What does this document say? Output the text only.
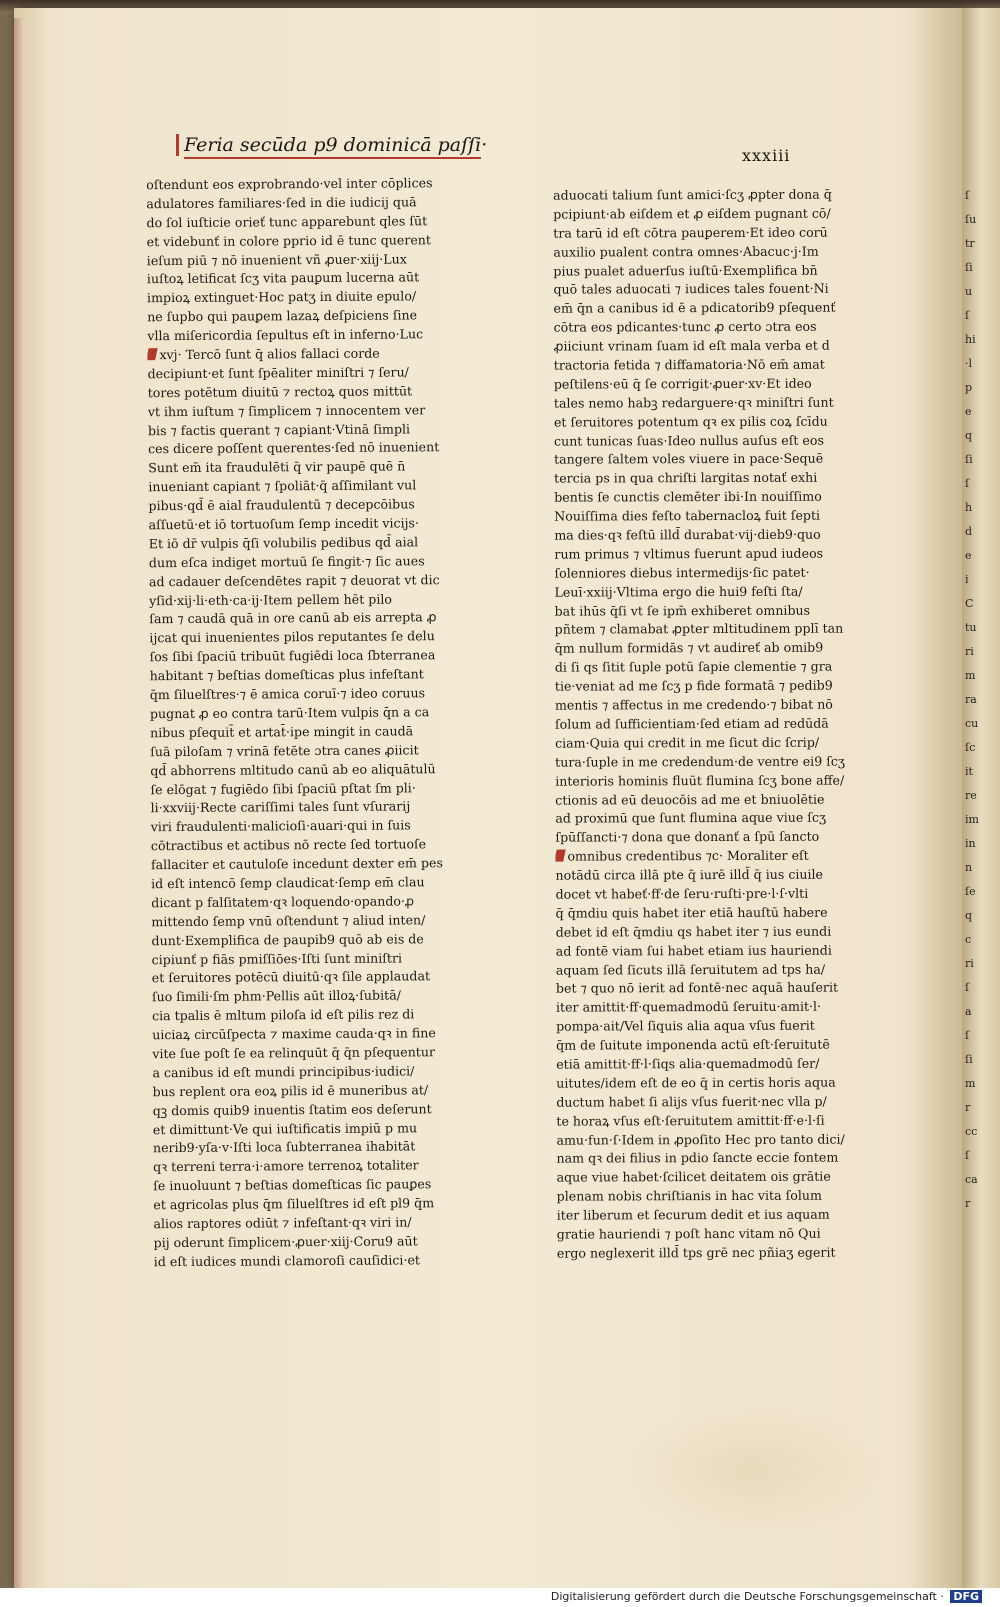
ſ
ſu
tr
ſi
u
ſ
hi
·l
p
e
q
ſi
ſ
h
d
e
i
C
tu
ri
m
ra
cu
ſc
it
re
im
in
n
ſe
q
c
ri
ſ
a
ſ
ſi
m
r
cc
ſ
ca
r
Feria secūda p9 dominicā paſſi·	xxxiii
oſtendunt eos exprobrando·vel inter cōplices
adulatores familiares·ſed in die iudicij quā
do ſol iuſticie orieť tunc apparebunt qles ſūt
et videbunť in colore pprio id ē tunc querent
ieſum piū ⁊ nō inuenient vñ ꝓuer·xiij·Lux
iuſtoꝝ letificat ſcʒ vita pauꝑum lucerna aūt
impioꝝ extinguet·Hoc patʒ in diuite epulo/
ne ſupbo qui pauꝑem lazaꝝ deſpiciens ſine
vlla miſericordia ſepultus eſt in inferno·Luc
xvj· Tercō ſunt q̄ alios fallaci corde
decipiunt·et ſunt ſpēaliter miniſtri ⁊ ſeru/
tores potētum diuitū ⁊ rectoꝝ quos mittūt
vt ihm iuſtum ⁊ ſimplicem ⁊ innocentem ver
bis ⁊ factis querant ⁊ capiant·Vtinā ſimpli
ces dicere poſſent querentes·ſed nō inuenient
Sunt em̄ ita fraudulēti q̄ vir paupē quē n̄
inueniant capiant ⁊ ſpoliāt·q̄ aſſimilant vul
pibus·qd̄ ē aial fraudulentū ⁊ decepcōibus
aſſuetū·et iō tortuoſum ſemp incedit vicijs·
Et iō dr̄ vulpis q̄ſi volubilis pedibus qd̄ aial
dum eſca indiget mortuū ſe fingit·⁊ ſic aues
ad cadauer deſcendētes rapit ⁊ deuorat vt dic
yſid·xij·li·eth·ca·ij·Item pellem hēt pilo
ſam ⁊ caudā quā in ore canū ab eis arrepta ꝓ
ijcat qui inuenientes pilos reputantes ſe delu
ſos ſibi ſpaciū tribuūt fugiēdi loca ſbterranea
habitant ⁊ beſtias domeſticas plus infeſtant
q̄m ſiluelſtres·⁊ ē amica coruī·⁊ ideo coruus
pugnat ꝓ eo contra tarū·Item vulpis q̄n a ca
nibus pſequit̄ et artat̄·ipe mingit in caudā
ſuā piloſam ⁊ vrinā fetēte ɔtra canes ꝓiicit
qd̄ abhorrens mltitudo canū ab eo aliquātulū
ſe elōgat ⁊ fugiēdo ſibi ſpaciū pſtat ſm pli·
li·xxviij·Recte cariſſimi tales ſunt vſurarij
viri fraudulenti·malicioſi·auari·qui in ſuis
cōtractibus et actibus nō recte ſed tortuoſe
fallaciter et cautuloſe incedunt dexter em̄ pes
id eſt intencō ſemp claudicat·ſemp em̄ clau
dicant p falſitatem·qꝛ loquendo·opando·ꝓ
mittendo ſemp vnū oſtendunt ⁊ aliud inten/
dunt·Exemplifica de paupib9 quō ab eis de
cipiunť p fiās pmiſſiōes·Iſti ſunt miniſtri
et ſeruitores potēcū diuitū·qꝛ ſile applaudat
ſuo ſimili·ſm phm·Pellis aūt illoꝝ·ſubitā/
cia tpalis ē mltum piloſa id eſt pilis rez di
uiciaꝝ circūſpecta ⁊ maxime cauda·qꝛ in fine
vite ſue poſt ſe ea relinquūt q̄ q̄n pſequentur
a canibus id eſt mundi principibus·iudici/
bus replent ora eoꝝ pilis id ē muneribus at/
qꝫ domis quib9 inuentis ſtatim eos deſerunt
et dimittunt·Ve qui iuſtificatis impiū p mu
nerib9·yſa·v·Iſti loca ſubterranea ihabitāt
qꝛ terreni terra·i·amore terrenoꝝ totaliter
ſe inuoluunt ⁊ beſtias domeſticas ſic pauꝑes
et agricolas plus q̄m ſiluelſtres id eſt pl9 q̄m
alios raptores odiūt ⁊ infeſtant·qꝛ viri in/
pij oderunt ſimplicem·ꝓuer·xiij·Coru9 aūt
id eſt iudices mundi clamoroſi cauſidici·et
aduocati talium ſunt amici·ſcʒ ꝓpter dona q̄
pcipiunt·ab eiſdem et ꝓ eiſdem pugnant cō/
tra tarū id eſt cōtra pauꝑerem·Et ideo corū
auxilio pualent contra omnes·Abacuc·j·Im
pius pualet aduerſus iuſtū·Exemplifica bn̄
quō tales aduocati ⁊ iudices tales fouent·Ni
em̄ q̄n a canibus id ē a pdicatorib9 pſequenť
cōtra eos pdicantes·tunc ꝓ certo ɔtra eos
ꝓiiciunt vrinam ſuam id eſt mala verba et d
tractoria fetida ⁊ diffamatoria·Nō em̄ amat
peſtilens·eū q̄ ſe corrigit·ꝓuer·xv·Et ideo
tales nemo habꝫ redarguere·qꝛ miniſtri ſunt
et ſeruitores potentum qꝛ ex pilis coꝝ ſcīdu
cunt tunicas ſuas·Ideo nullus auſus eſt eos
tangere ſaltem voles viuere in pace·Sequē
tercia ps in qua chriſti largitas notať exhi
bentis ſe cunctis clemēter ibi·In nouiſſimo
Nouiſſima dies feſto tabernacloꝝ fuit ſepti
ma dies·qꝛ feſtū illd̄ durabat·vij·dieb9·quo
rum primus ⁊ vltimus fuerunt apud iudeos
ſolenniores diebus intermedijs·ſic patet·
Leuī·xxiij·Vltima ergo die hui9 feſti ſta/
bat ihūs q̄ſi vt ſe ipm̄ exhiberet omnibus
pñtem ⁊ clamabat ꝓpter mltitudinem pplī tan
q̄m nullum formidās ⁊ vt audireť ab omib9
di ſi qs ſitit ſuple potū ſapie clementie ⁊ gra
tie·veniat ad me ſcʒ p fide formatā ⁊ pedib9
mentis ⁊ affectus in me credendo·⁊ bibat nō
ſolum ad ſufficientiam·ſed etiam ad redūdā
ciam·Quia qui credit in me ſicut dic ſcrip/
tura·ſuple in me credendum·de ventre ei9 ſcʒ
interioris hominis fluūt flumina ſcʒ bone affe/
ctionis ad eū deuocōis ad me et bniuolētie
ad proximū que ſunt flumina aque viue ſcʒ
ſpūſſancti·⁊ dona que donanť a ſpū ſancto
omnibus credentibus ⁊c· Moraliter eſt
notādū circa illā pte q̄ iurē illd̄ q̄ ius ciuile
docet vt habeť·ff·de ſeru·ruſti·pre·l·ſ·vlti
q̄ q̄mdiu quis habet iter etiā hauſtū habere
debet id eſt q̄mdiu qs habet iter ⁊ ius eundi
ad fontē viam ſui habet etiam ius hauriendi
aquam ſed ſicuts illā ſeruitutem ad tps ha/
bet ⁊ quo nō ierit ad fontē·nec aquā hauſerit
iter amittit·ff·quemadmodū ſeruitu·amit·l·
pompa·ait/Vel ſiquis alia aqua vſus fuerit
q̄m de ſuitute imponenda actū eſt·ſeruitutē
etiā amittit·ff·l·ſiqs alia·quemadmodū ſer/
uitutes/idem eſt de eo q̄ in certis horis aqua
ductum habet ſi alijs vſus fuerit·nec vlla p/
te horaꝝ vſus eſt·ſeruitutem amittit·ff·e·l·ſi
amu·fun·ſ·Idem in ꝓpoſito Hec pro tanto dici/
nam qꝛ dei filius in pdio ſancte eccie fontem
aque viue habet·ſcilicet deitatem ois grātie
plenam nobis chriſtianis in hac vita ſolum
iter liberum et ſecurum dedit et ius aquam
gratie hauriendi ⁊ poſt hanc vitam nō Qui
ergo neglexerit illd̄ tps grē nec pñiaʒ egerit
Digitalisierung gefördert durch die Deutsche Forschungsgemeinschaft · DFG
